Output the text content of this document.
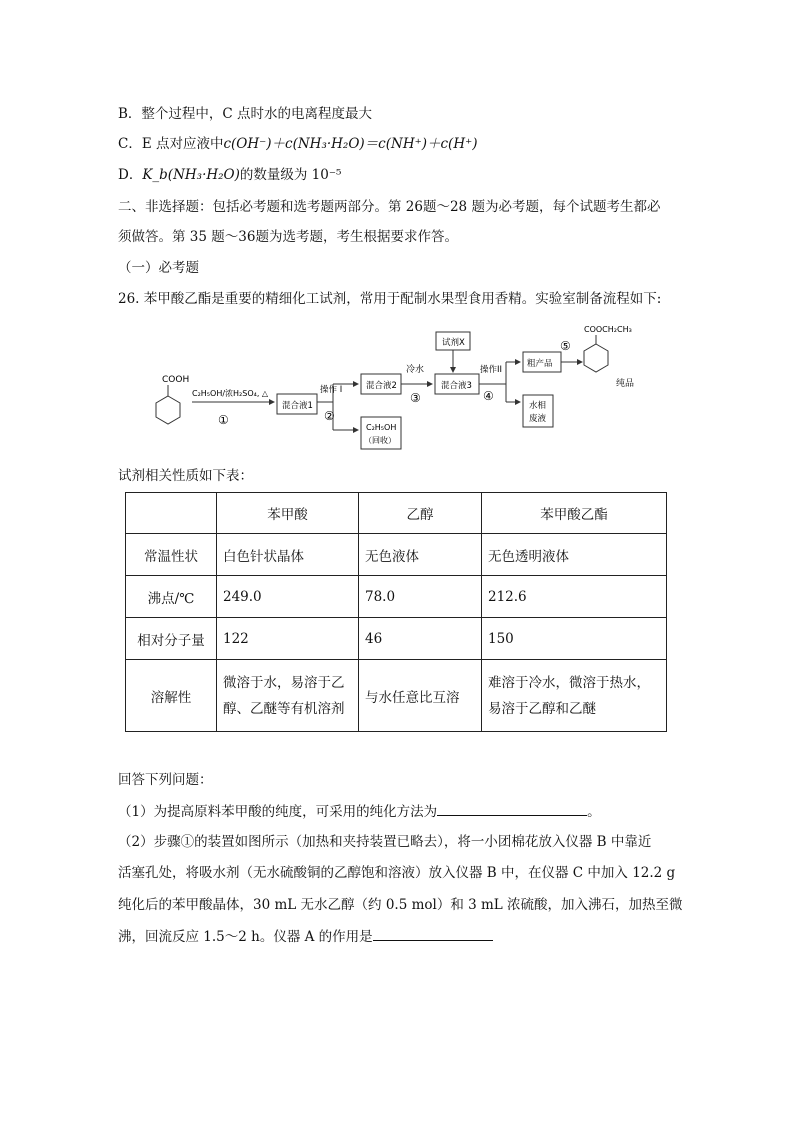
B．整个过程中，C 点时水的电离程度最大
C．E 点对应液中c(OH⁻)＋c(NH₃·H₂O)＝c(NH⁺)＋c(H⁺)
D．K_b(NH₃·H₂O)的数量级为 10⁻⁵
二、非选择题：包括必考题和选考题两部分。第 26题～28 题为必考题，每个试题考生都必
须做答。第 35 题～36题为选考题，考生根据要求作答。
（一）必考题
26. 苯甲酸乙酯是重要的精细化工试剂，常用于配制水果型食用香精。实验室制备流程如下:
COOH
C₂H₅OH/浓H₂SO₄, △
①
混合液1
操作 I
②
混合液2
C₂H₅OH
（回收）
冷水
③
试剂X
混合液3
操作II
④
粗产品
水相
废液
⑤
COOCH₂CH₃
纯品
试剂相关性质如下表：
	苯甲酸	乙醇	苯甲酸乙酯
常温性状	白色针状晶体	无色液体	无色透明液体
沸点/℃	249.0	78.0	212.6
相对分子量	122	46	150
溶解性	微溶于水，易溶于乙醇、乙醚等有机溶剂	与水任意比互溶	难溶于冷水，微溶于热水，易溶于乙醇和乙醚
回答下列问题：
（1）为提高原料苯甲酸的纯度，可采用的纯化方法为	。
（2）步骤①的装置如图所示（加热和夹持装置已略去），将一小团棉花放入仪器 B 中靠近
活塞孔处，将吸水剂（无水硫酸铜的乙醇饱和溶液）放入仪器 B 中，在仪器 C 中加入 12.2 g
纯化后的苯甲酸晶体，30 mL 无水乙醇（约 0.5 mol）和 3 mL 浓硫酸，加入沸石，加热至微
沸，回流反应 1.5～2 h。仪器 A 的作用是
